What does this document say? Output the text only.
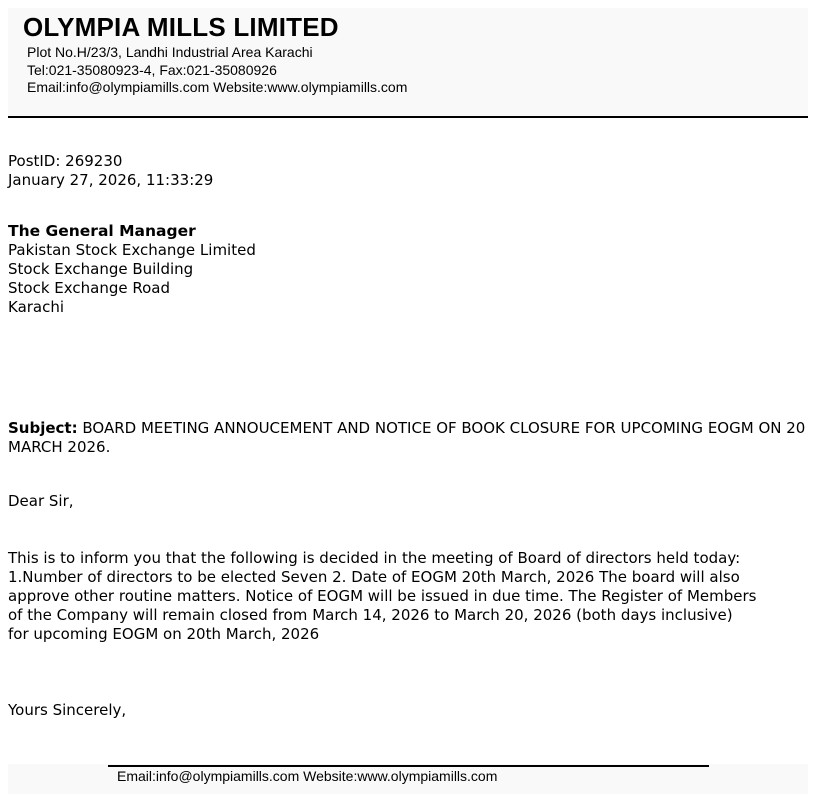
OLYMPIA MILLS LIMITED
Plot No.H/23/3, Landhi Industrial Area Karachi
Tel:021-35080923-4, Fax:021-35080926
Email:info@olympiamills.com Website:www.olympiamills.com
PostID: 269230
January 27, 2026, 11:33:29
The General Manager
Pakistan Stock Exchange Limited
Stock Exchange Building
Stock Exchange Road
Karachi
Subject: BOARD MEETING ANNOUCEMENT AND NOTICE OF BOOK CLOSURE FOR UPCOMING EOGM ON 20 MARCH 2026.
Dear Sir,
This is to inform you that the following is decided in the meeting of Board of directors held today:
1.Number of directors to be elected Seven 2. Date of EOGM 20th March, 2026 The board will also
approve other routine matters. Notice of EOGM will be issued in due time. The Register of Members
of the Company will remain closed from March 14, 2026 to March 20, 2026 (both days inclusive)
for upcoming EOGM on 20th March, 2026
Yours Sincerely,
Email:info@olympiamills.com Website:www.olympiamills.com
